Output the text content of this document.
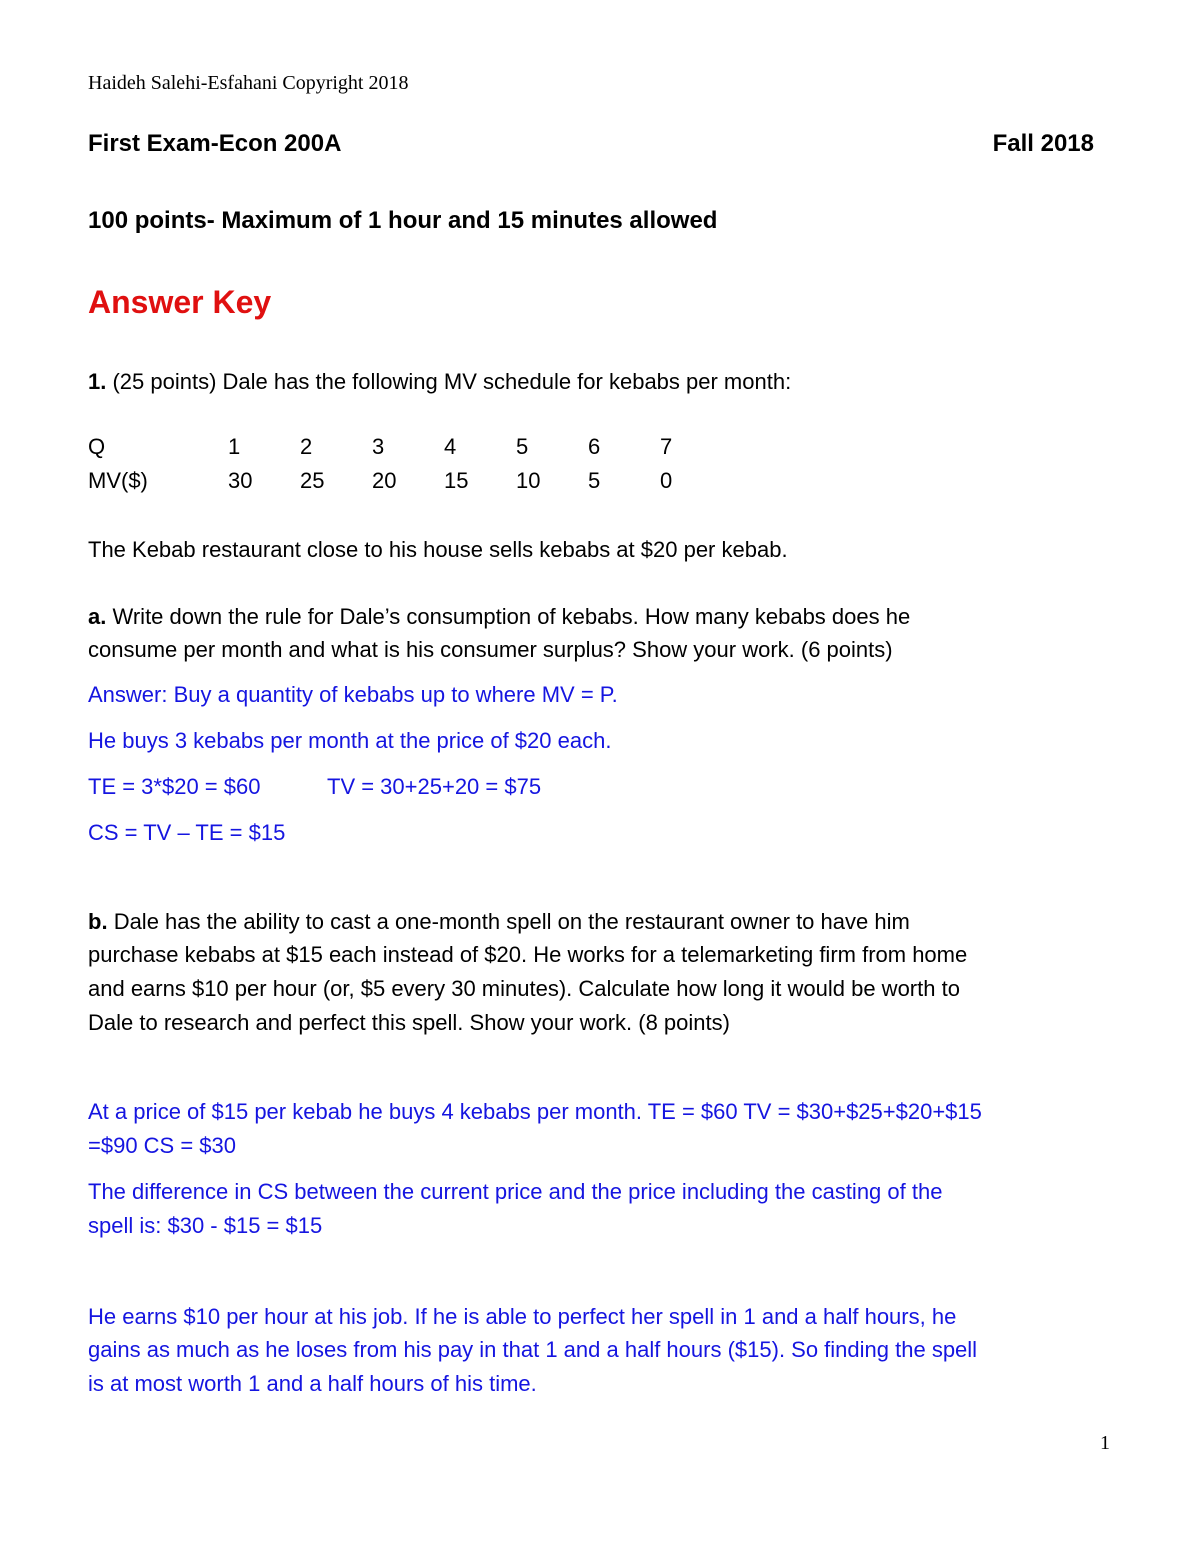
Haideh Salehi-Esfahani Copyright 2018

First Exam-Econ 200A	Fall 2018

100 points- Maximum of 1 hour and 15 minutes allowed

Answer Key

1. (25 points) Dale has the following MV schedule for kebabs per month:

Q	1	2	3	4	5	6	7
MV($)	30	25	20	15	10	5	0

The Kebab restaurant close to his house sells kebabs at $20 per kebab.

a. Write down the rule for Dale’s consumption of kebabs. How many kebabs does he

consume per month and what is his consumer surplus? Show your work. (6 points)

Answer: Buy a quantity of kebabs up to where MV = P.

He buys 3 kebabs per month at the price of $20 each.

TE = 3*$20 = $60	TV = 30+25+20 = $75

CS = TV – TE = $15

b. Dale has the ability to cast a one-month spell on the restaurant owner to have him

purchase kebabs at $15 each instead of $20. He works for a telemarketing firm from home

and earns $10 per hour (or, $5 every 30 minutes). Calculate how long it would be worth to

Dale to research and perfect this spell. Show your work. (8 points)

At a price of $15 per kebab he buys 4 kebabs per month. TE = $60 TV = $30+$25+$20+$15

=$90 CS = $30

The difference in CS between the current price and the price including the casting of the

spell is: $30 - $15 = $15

He earns $10 per hour at his job. If he is able to perfect her spell in 1 and a half hours, he

gains as much as he loses from his pay in that 1 and a half hours ($15). So finding the spell

is at most worth 1 and a half hours of his time.

1
